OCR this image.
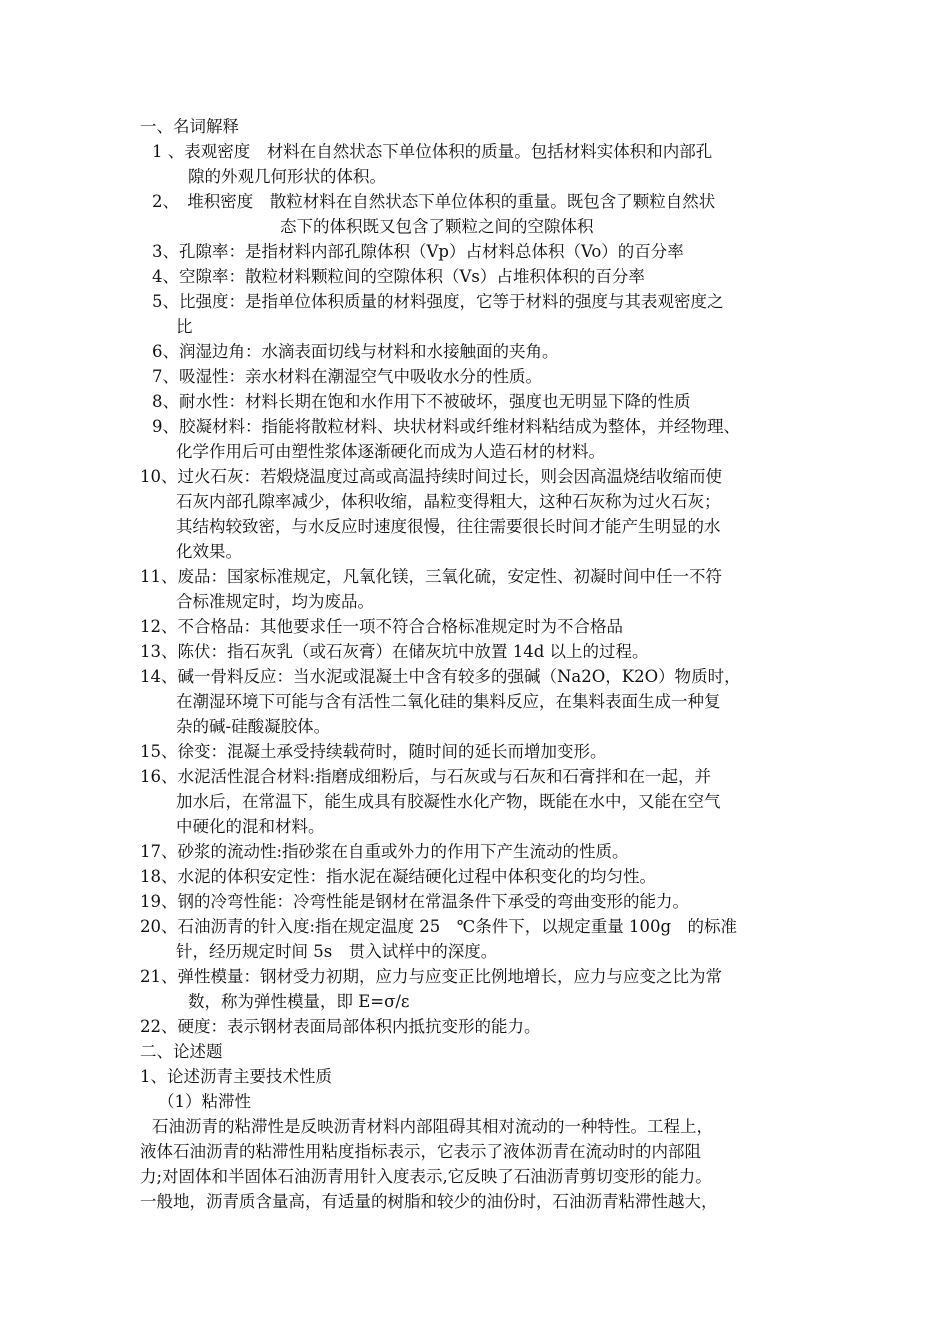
一、名词解释
1 、表观密度　材料在自然状态下单位体积的质量。包括材料实体积和内部孔
隙的外观几何形状的体积。
2、　堆积密度　散粒材料在自然状态下单位体积的重量。既包含了颗粒自然状
态下的体积既又包含了颗粒之间的空隙体积
3、孔隙率：是指材料内部孔隙体积（Vp）占材料总体积（Vo）的百分率
4、空隙率：散粒材料颗粒间的空隙体积（Vs）占堆积体积的百分率
5、比强度：是指单位体积质量的材料强度，它等于材料的强度与其表观密度之
比
6、润湿边角：水滴表面切线与材料和水接触面的夹角。
7、吸湿性：亲水材料在潮湿空气中吸收水分的性质。
8、耐水性：材料长期在饱和水作用下不被破坏，强度也无明显下降的性质
9、胶凝材料：指能将散粒材料、块状材料或纤维材料粘结成为整体，并经物理、
化学作用后可由塑性浆体逐渐硬化而成为人造石材的材料。
10、过火石灰：若煅烧温度过高或高温持续时间过长，则会因高温烧结收缩而使
石灰内部孔隙率减少，体积收缩，晶粒变得粗大，这种石灰称为过火石灰；
其结构较致密，与水反应时速度很慢，往往需要很长时间才能产生明显的水
化效果。
11、废品：国家标准规定，凡氧化镁，三氧化硫，安定性、初凝时间中任一不符
合标准规定时，均为废品。
12、不合格品：其他要求任一项不符合合格标准规定时为不合格品
13、陈伏：指石灰乳（或石灰膏）在储灰坑中放置 14d 以上的过程。
14、碱一骨料反应：当水泥或混凝土中含有较多的强碱（Na2O，K2O）物质时，
在潮湿环境下可能与含有活性二氧化硅的集料反应，在集料表面生成一种复
杂的碱-硅酸凝胶体。
15、徐变：混凝土承受持续载荷时，随时间的延长而增加变形。
16、水泥活性混合材料:指磨成细粉后，与石灰或与石灰和石膏拌和在一起，并
加水后，在常温下，能生成具有胶凝性水化产物，既能在水中，又能在空气
中硬化的混和材料。
17、砂浆的流动性:指砂浆在自重或外力的作用下产生流动的性质。
18、水泥的体积安定性：指水泥在凝结硬化过程中体积变化的均匀性。
19、钢的冷弯性能：冷弯性能是钢材在常温条件下承受的弯曲变形的能力。
20、石油沥青的针入度:指在规定温度 25　℃条件下，以规定重量 100g　的标准
针，经历规定时间 5s　贯入试样中的深度。
21、弹性模量：钢材受力初期，应力与应变正比例地增长，应力与应变之比为常
数，称为弹性模量，即 E=σ/ε
22、硬度：表示钢材表面局部体积内抵抗变形的能力。
二、论述题
1、论述沥青主要技术性质
（1）粘滞性
石油沥青的粘滞性是反映沥青材料内部阻碍其相对流动的一种特性。工程上，
液体石油沥青的粘滞性用粘度指标表示，它表示了液体沥青在流动时的内部阻
力;对固体和半固体石油沥青用针入度表示,它反映了石油沥青剪切变形的能力。
一般地，沥青质含量高，有适量的树脂和较少的油份时，石油沥青粘滞性越大，
